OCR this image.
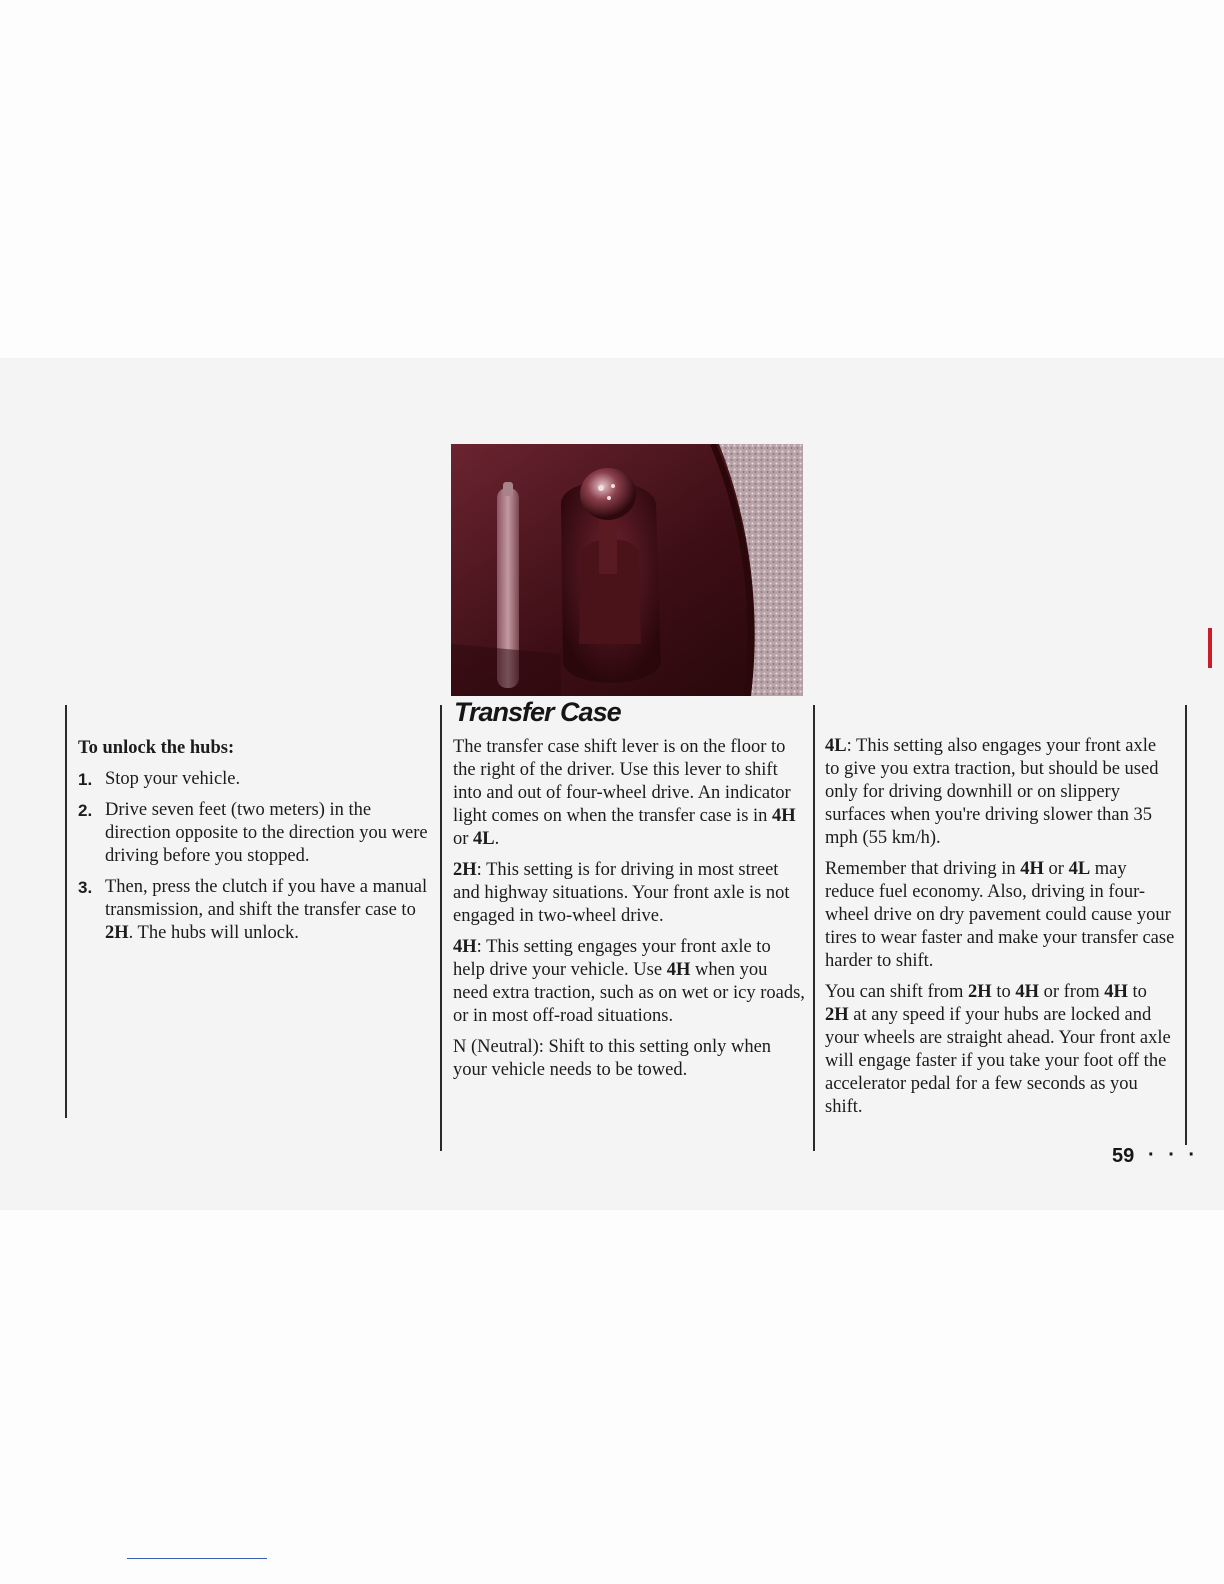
To unlock the hubs:
1. Stop your vehicle.
2. Drive seven feet (two meters) in the direction opposite to the direction you were driving before you stopped.
3. Then, press the clutch if you have a manual transmission, and shift the transfer case to 2H. The hubs will unlock.
Transfer Case

The transfer case shift lever is on the floor to the right of the driver. Use this lever to shift into and out of four-wheel drive. An indicator light comes on when the transfer case is in 4H or 4L.

2H: This setting is for driving in most street and highway situations. Your front axle is not engaged in two-wheel drive.

4H: This setting engages your front axle to help drive your vehicle. Use 4H when you need extra traction, such as on wet or icy roads, or in most off-road situations.

N (Neutral): Shift to this setting only when your vehicle needs to be towed.

4L: This setting also engages your front axle to give you extra traction, but should be used only for driving downhill or on slippery surfaces when you're driving slower than 35 mph (55 km/h).

Remember that driving in 4H or 4L may reduce fuel economy. Also, driving in four-wheel drive on dry pavement could cause your tires to wear faster and make your transfer case harder to shift.

You can shift from 2H to 4H or from 4H to 2H at any speed if your hubs are locked and your wheels are straight ahead. Your front axle will engage faster if you take your foot off the accelerator pedal for a few seconds as you shift.

59 · · ·
